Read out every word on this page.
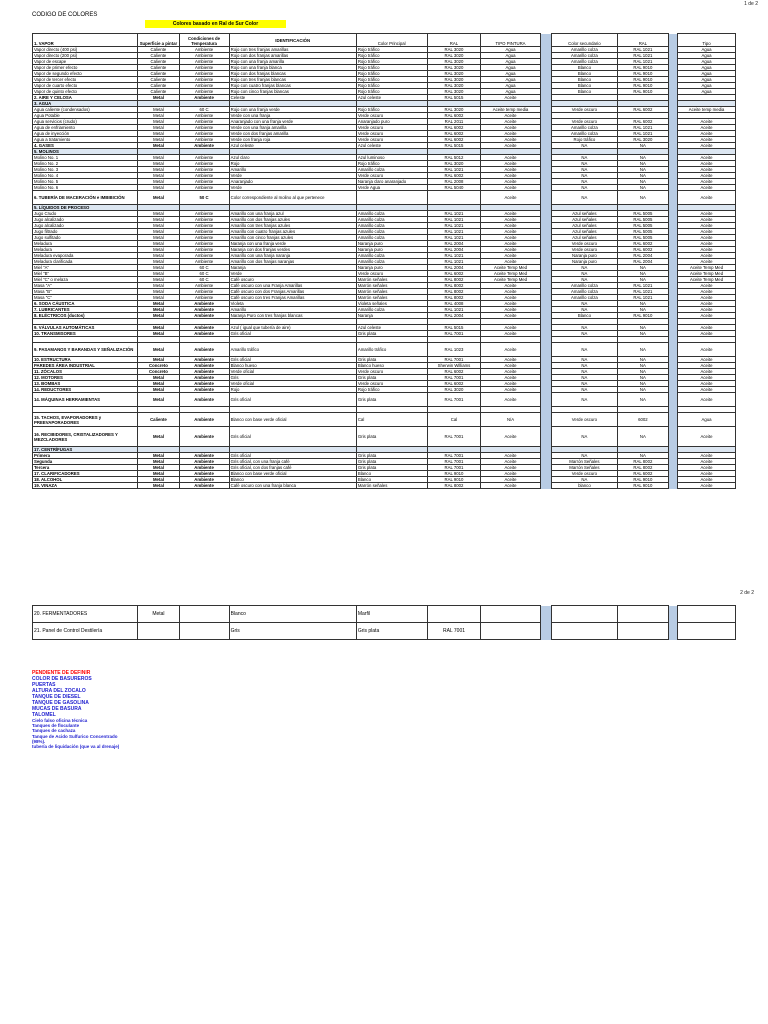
1 de 2
CODIGO DE COLORES
Colores basado en Ral de Sur Color
1. VAPOR	Superficie a pintar	Condiciones de Temperatura	IDENTIFICACIÓN	Color Principal	RAL	TIPO PINTURA		Color secundario	RAL		Tipo
Vapor directo (400 psi)	Caliente	Ambiente	Rojo con tres franjas amarillas	Rojo tráfico	RAL 3020	Agua		Amarillo colza	RAL 1021		Agua
Vapor directo (200 psi)	Caliente	Ambiente	Rojo con dos franjas amarillas	Rojo tráfico	RAL 3020	Agua		Amarillo colza	RAL 1021		Agua
Vapor de escape	Caliente	Ambiente	Rojo con una franja amarilla	Rojo tráfico	RAL 3020	Agua		Amarillo colza	RAL 1021		Agua
Vapor de primer efecto	Caliente	Ambiente	Rojo con una franja blanca	Rojo tráfico	RAL 3020	Agua		Blanco	RAL 9010		Agua
Vapor de segundo efecto	Caliente	Ambiente	Rojo con dos franjas blancas	Rojo tráfico	RAL 3020	Agua		Blanco	RAL 9010		Agua
Vapor de tercer efecto	Caliente	Ambiente	Rojo con tres franjas blancas	Rojo tráfico	RAL 3020	Agua		Blanco	RAL 9010		Agua
Vapor de cuarto efecto	Caliente	Ambiente	Rojo con cuatro franjas blancas	Rojo tráfico	RAL 3020	Agua		Blanco	RAL 9010		Agua
Vapor de quinto efecto	Caliente	Ambiente	Rojo con cinco franjas blancas	Rojo tráfico	RAL 3020	Agua		Blanco	RAL 9010		Agua
2. AIRE Y CELOSA	Metal	Ambiente	Celeste	Azul celeste	RAL 5015	Aceite					
3. AGUA											
Agua caliente (condensados)	Metal	60 C	Rojo con una franja verde	Rojo tráfico	RAL 3020	Aceite temp media		Verde oscuro	RAL 6002		Aceite temp media
Agua Potable	Metal	Ambiente	Verde con una franja	Verde oscuro	RAL 6002	Aceite					
Agua servicios (crudo)	Metal	Ambiente	Anaranjado con una franja verde	Anaranjado puro	RAL 2011	Aceite		Verde oscuro	RAL 6002		Aceite
Agua de enfriamiento	Metal	Ambiente	Verde con una franja amarilla	Verde oscuro	RAL 6002	Aceite		Amarillo colza	RAL 1021		Aceite
Agua de inyección	Metal	Ambiente	Verde con dos franjas amarilla	Verde oscuro	RAL 6002	Aceite		Amarillo colza	RAL 1021		Aceite
Agua a tratamiento	Metal	Ambiente	Verde con franja roja	Verde oscuro	RAL 6002	Aceite		Rojo tráfico	RAL 3020		Aceite
4. GASES	Metal	Ambiente	Azul celeste	Azul celeste	RAL 5015	Aceite		NA	NA		Aceite
5. MOLINOS											
Molino No. 1	Metal	Ambiente	Azul claro	Azul luminoso	RAL 5012	Aceite		NA	NA		Aceite
Molino No. 2	Metal	Ambiente	Rojo	Rojo tráfico	RAL 3020	Aceite		NA	NA		Aceite
Molino No. 3	Metal	Ambiente	Amarillo	Amarillo colza	RAL 1021	Aceite		NA	NA		Aceite
Molino No. 4	Metal	Ambiente	Verde	Verde oscuro	RAL 6002	Aceite		NA	NA		Aceite
Molino No. 5	Metal	Ambiente	Anaranjado	Naranja claro anaranjado	RAL 2008	Aceite		NA	NA		Aceite
Molino No. 6	Metal	Ambiente	Verde	Verde Agua	RAL 5040	Aceite		NA	NA		Aceite
6. TUBERÍA DE MACERACIÓN e IMBIBICIÓN	Metal	50 C	Color correspondiente al molino al que pertenece			Aceite		NA	NA		Aceite
5. LÍQUIDOS DE PROCESO											
Jugo Crudo	Metal	Ambiente	Amarillo con una franja azul	Amarillo colza	RAL 1021	Aceite		Azul señales	RAL 5005		Aceite
Jugo alcalizado	Metal	Ambiente	Amarillo con dos franjas azules	Amarillo colza	RAL 1021	Aceite		Azul señales	RAL 5005		Aceite
Jugo alcalizado	Metal	Ambiente	Amarillo con tres franjas azules	Amarillo colza	RAL 1021	Aceite		Azul señales	RAL 5005		Aceite
Jugo filtrado	Metal	Ambiente	Amarillo con cuatro franjas azules	Amarillo colza	RAL 1021	Aceite		Azul señales	RAL 5005		Aceite
Jugo sulfitado	Metal	Ambiente	Amarillo con cinco franjas azules	Amarillo colza	RAL 1021	Aceite		Azul señales	RAL 5005		Aceite
Meladura	Metal	Ambiente	Naranja con una franja verde	Naranja puro	RAL 2004	Aceite		Verde oscuro	RAL 6002		Aceite
Meladura	Metal	Ambiente	Naranja con dos franjas verdes	Naranja puro	RAL 2004	Aceite		Verde oscuro	RAL 6002		Aceite
Meladura evaporada	Metal	Ambiente	Amarillo con una franja naranja	Amarillo colza	RAL 1021	Aceite		Naranja puro	RAL 2004		Aceite
Meladura clarificada	Metal	Ambiente	Amarillo con dos franjas naranjas	Amarillo colza	RAL 1021	Aceite		Naranja puro	RAL 2004		Aceite
Miel "A"	Metal	60 C	Naranja	Naranja puro	RAL 2004	Aceite Temp Med		NA	NA		Aceite Temp Med
Miel "B"	Metal	60 C	Verde	Verde oscuro	RAL 6002	Aceite Temp Med		NA	NA		Aceite Temp Med
Miel "C" o melaza	Metal	60 C	Café oscuro	Marrón señales	RAL 8002	Aceite Temp Med		NA	NA		Aceite Temp Med
Masa "A"	Metal	Ambiente	Café oscuro con una Franja Amarillas	Marrón señales	RAL 8002	Aceite		Amarillo colza	RAL 1021		Aceite
Masa "B"	Metal	Ambiente	Café oscuro con dos Franjas Amarillas	Marrón señales	RAL 8002	Aceite		Amarillo colza	RAL 1021		Aceite
Masa "C"	Metal	Ambiente	Café oscuro con tres Franjas Amarillas	Marrón señales	RAL 8002	Aceite		Amarillo colza	RAL 1021		Aceite
6. SODA CÁUSTICA	Metal	Ambiente	Violeta	Violeta señales	RAL 4008	Aceite		NA	NA		Aceite
7. LUBRICANTES	Metal	Ambiente	Amarillo	Amarillo colza	RAL 1021	Aceite		NA	NA		Aceite
8. ELÉCTRICOS (ductos)	Metal	Ambiente	Naranja Puro con tres franjas blancas	Naranja	RAL 2004	Aceite		Blanco	RAL 9010		Aceite

9. VÁLVULAS AUTOMÁTICAS	Metal	Ambiente	Azul ( igual que tubería de aire)	Azul celeste	RAL 5015	Aceite		NA	NA		Aceite
10. TRANSMISORES	Metal	Ambiente	Gris oficial	Gris plata	RAL 7001	Aceite		NA	NA		Aceite

9. PASAMANOS Y BARANDAS Y SEÑALIZACIÓN	Metal	Ambiente	Amarillo tráfico	Amarillo tráfico	RAL 1023	Aceite		NA	NA		Aceite
10. ESTRUCTURA	Metal	Ambiente	Gris oficial	Gris plata	RAL 7001	Aceite		NA	NA		Aceite
PAREDES ÁREA INDUSTRIAL	Concreto	Ambiente	Blanco hueso	Blanco hueso	Sherwin Williams	Aceite		NA	NA		Aceite
11. ZÓCALOS	Concreto	Ambiente	Verde oficial	Verde oscuro	RAL 6002	Aceite		NA	NA		Aceite
12. MOTORES	Metal	Ambiente	Gris	Gris plata	RAL 7001	Aceite		NA	NA		Aceite
13. BOMBAS	Metal	Ambiente	Verde oficial	Verde oscuro	RAL 6002	Aceite		NA	NA		Aceite
14. REDUCTORES	Metal	Ambiente	Rojo	Rojo tráfico	RAL 3020	Aceite		NA	NA		Aceite
14. MÁQUINAS HERRAMIENTAS	Metal	Ambiente	Gris oficial	Gris plata	RAL 7001	Aceite		NA	NA		Aceite

15. TACHOS, EVAPORADORES y PREEVAPORADORES	Caliente	Ambiente	Blanco con base verde oficial	Cal	Cal	N/A		Verde oscuro	6002		Agua
16. RECIBIDORES, CRISTALIZADORES Y MEZCLADORES	Metal	Ambiente	Gris oficial	Gris plata	RAL 7001	Aceite		NA	NA		Aceite
17. CENTRÍFUGAS											
Primera	Metal	Ambiente	Gris oficial	Gris plata	RAL 7001	Aceite		NA	NA		Aceite
Segunda	Metal	Ambiente	Gris oficial, con una franja café	Gris plata	RAL 7001	Aceite		Marrón Señales	RAL 8002		Aceite
Tercera	Metal	Ambiente	Gris oficial, con dos franjas café	Gris plata	RAL 7001	Aceite		Marrón Señales	RAL 8002		Aceite
17. CLARIFICADORES	Metal	Ambiente	Blanco con base verde oficial	Blanco	RAL 9010	Aceite		Verde oscuro	RAL 6002		Aceite
18. ALCOHOL	Metal	Ambiente	Blanco	Blanco	RAL 9010	Aceite		NA	RAL 9010		Aceite
19. VINAZA	Metal	Ambiente	Café oscuro con una franja blanca	Marrón señales	RAL 8002	Aceite		blanco	RAL 9010		Aceite
2 de 2
20. FERMENTADORES	Metal		Blanco	Marfil							
21. Panel de Control Destilería			Gris	Gris plata	RAL 7001						
PENDIENTE DE DEFINIR
COLOR DE BASUREROS
PUERTAS
ALTURA DEL ZOCALO
TANQUE DE DIESEL
TANQUE DE GASOLINA
MUCAS DE BASURA
TALOMEL
Cielo falso oficina técnica
Tanques de floculante
Tanques de cachaza
Tanque de Acido Sulfurico Concentrado (98%).
tubería de liquidación (que va al drenaje)
